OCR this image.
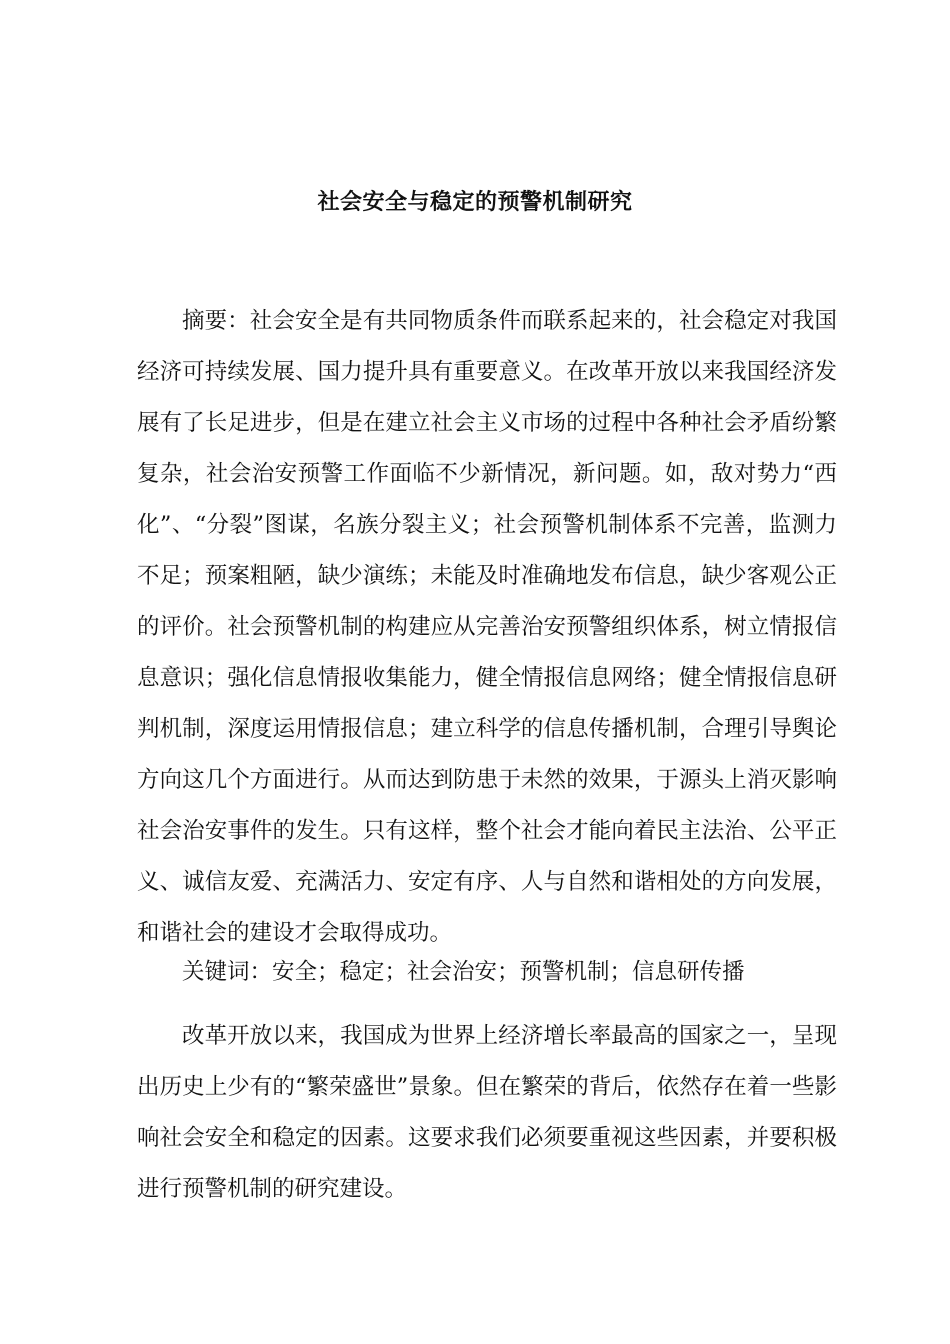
社会安全与稳定的预警机制研究

摘要：社会安全是有共同物质条件而联系起来的，社会稳定对我国经济可持续发展、国力提升具有重要意义。在改革开放以来我国经济发展有了长足进步，但是在建立社会主义市场的过程中各种社会矛盾纷繁复杂，社会治安预警工作面临不少新情况，新问题。如，敌对势力“西化”、“分裂”图谋，名族分裂主义；社会预警机制体系不完善，监测力不足；预案粗陋，缺少演练；未能及时准确地发布信息，缺少客观公正的评价。社会预警机制的构建应从完善治安预警组织体系，树立情报信息意识；强化信息情报收集能力，健全情报信息网络；健全情报信息研判机制，深度运用情报信息；建立科学的信息传播机制，合理引导舆论方向这几个方面进行。从而达到防患于未然的效果，于源头上消灭影响社会治安事件的发生。只有这样，整个社会才能向着民主法治、公平正义、诚信友爱、充满活力、安定有序、人与自然和谐相处的方向发展，和谐社会的建设才会取得成功。

关键词：安全；稳定；社会治安；预警机制；信息研传播

改革开放以来，我国成为世界上经济增长率最高的国家之一，呈现出历史上少有的“繁荣盛世”景象。但在繁荣的背后，依然存在着一些影响社会安全和稳定的因素。这要求我们必须要重视这些因素，并要积极进行预警机制的研究建设。
